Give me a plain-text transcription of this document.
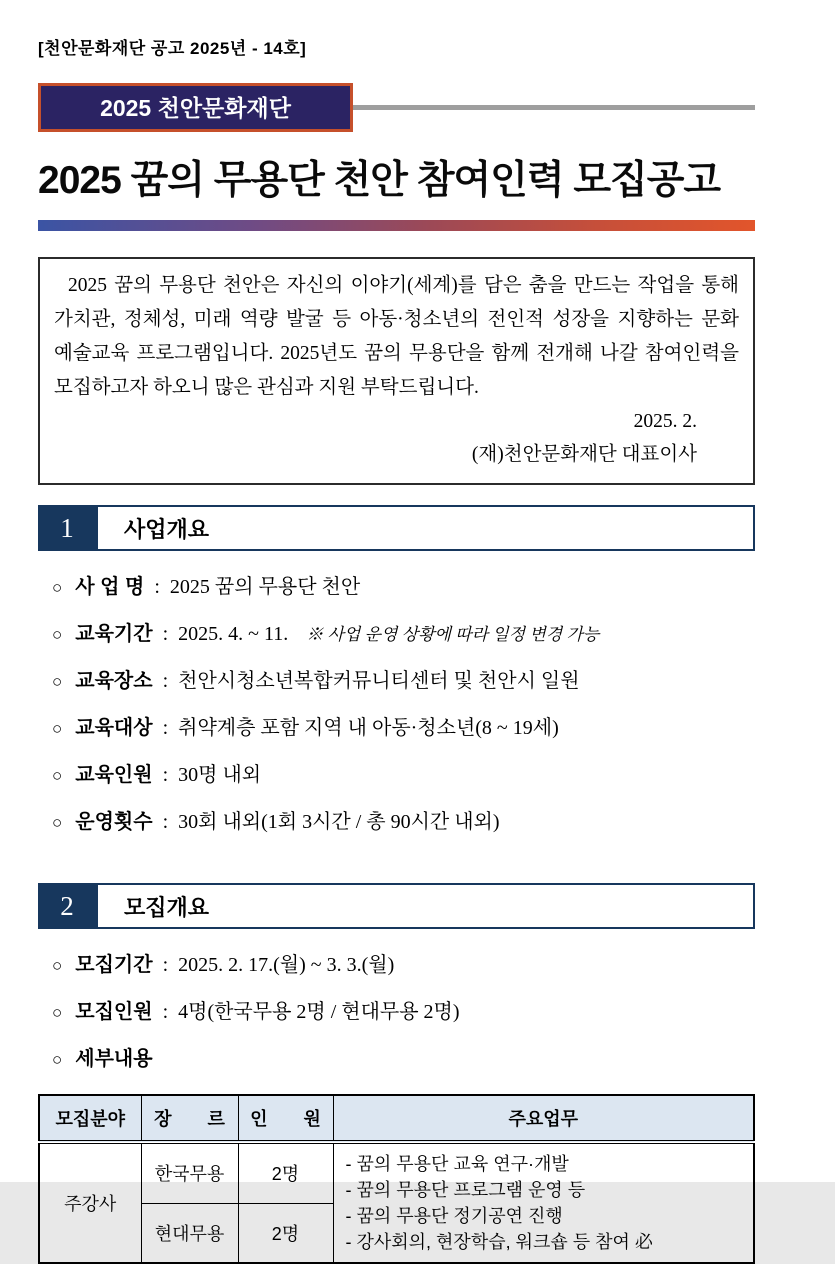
[천안문화재단 공고 2025년 - 14호]
2025 천안문화재단
2025 꿈의 무용단 천안 참여인력 모집공고

2025 꿈의 무용단 천안은 자신의 이야기(세계)를 담은 춤을 만드는 작업을 통해

가치관, 정체성, 미래 역량 발굴 등 아동·청소년의 전인적 성장을 지향하는 문화

예술교육 프로그램입니다. 2025년도 꿈의 무용단을 함께 전개해 나갈 참여인력을

모집하고자 하오니 많은 관심과 지원 부탁드립니다.

2025. 2.

(재)천안문화재단 대표이사

1	사업개요
○ 사 업 명 : 2025 꿈의 무용단 천안
○ 교육기간 : 2025. 4. ~ 11. ※ 사업 운영 상황에 따라 일정 변경 가능
○ 교육장소 : 천안시청소년복합커뮤니티센터 및 천안시 일원
○ 교육대상 : 취약계층 포함 지역 내 아동·청소년(8 ~ 19세)
○ 교육인원 : 30명 내외
○ 운영횟수 : 30회 내외(1회 3시간 / 총 90시간 내외)
2	모집개요
○ 모집기간 : 2025. 2. 17.(월) ~ 3. 3.(월)
○ 모집인원 : 4명(한국무용 2명 / 현대무용 2명)
○ 세부내용
모집분야	장　　르	인　　원	주요업무
주강사	한국무용	2명	- 꿈의 무용단 교육 연구·개발
- 꿈의 무용단 프로그램 운영 등
- 꿈의 무용단 정기공연 진행
- 강사회의, 현장학습, 워크숍 등 참여 必

	현대무용	2명	
